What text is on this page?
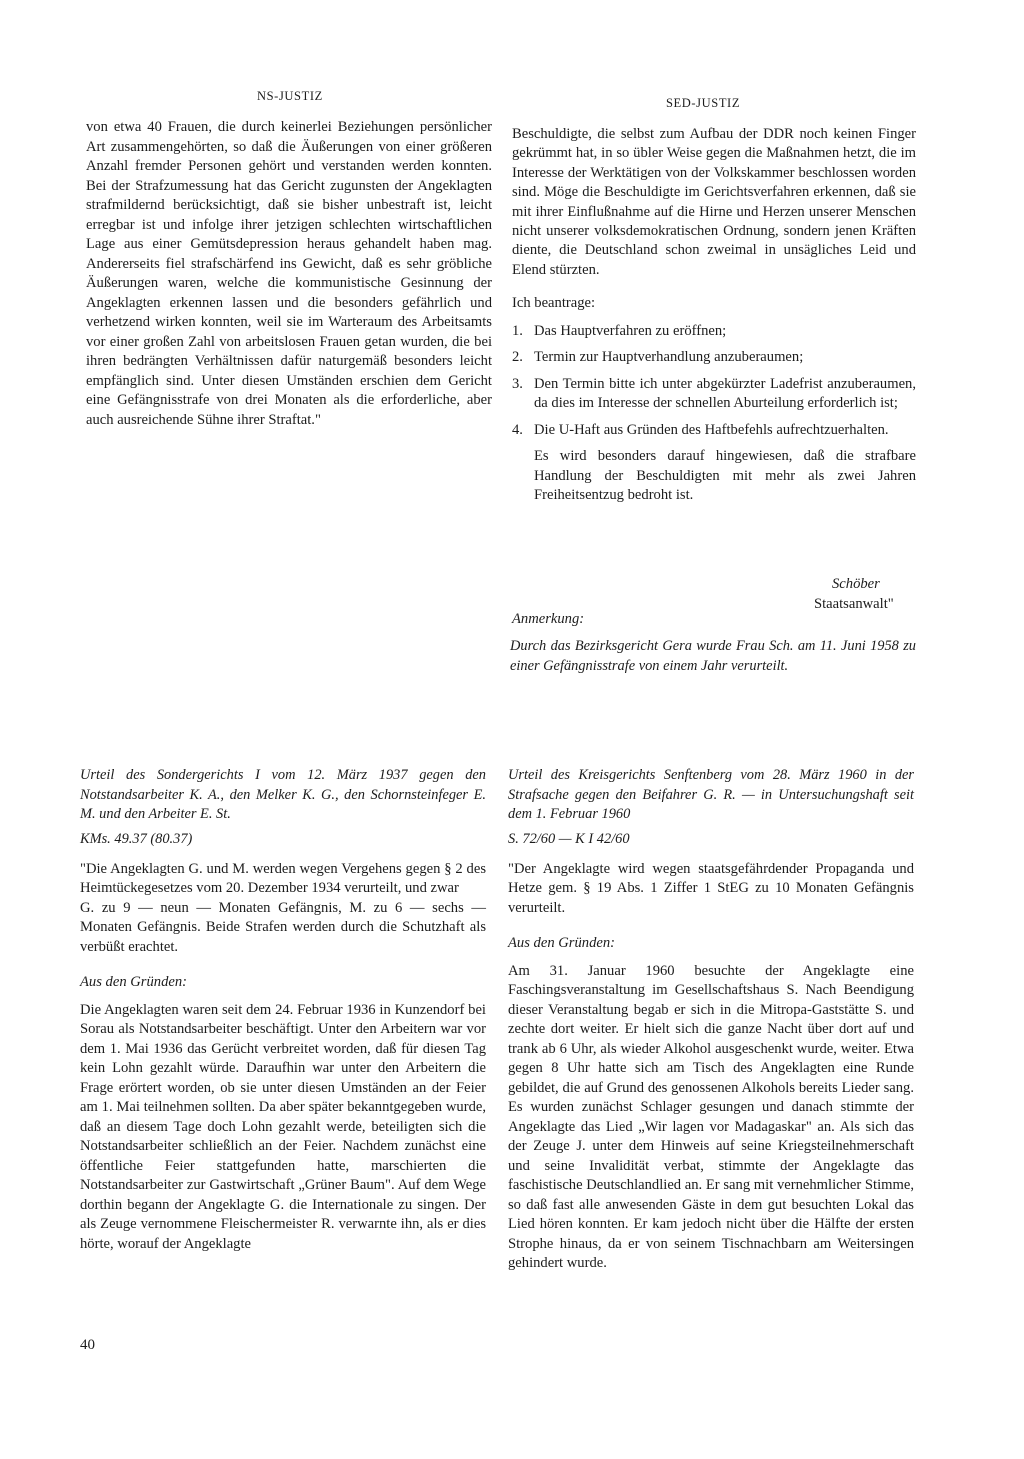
NS-JUSTIZ	SED-JUSTIZ

von etwa 40 Frauen, die durch keinerlei Beziehungen persönlicher Art zusammengehörten, so daß die Äußerungen von einer größeren Anzahl fremder Personen gehört und verstanden werden konnten. Bei der Strafzumessung hat das Gericht zugunsten der Angeklagten strafmildernd berücksichtigt, daß sie bisher unbestraft ist, leicht erregbar ist und infolge ihrer jetzigen schlechten wirtschaftlichen Lage aus einer Gemütsdepression heraus gehandelt haben mag. Andererseits fiel strafschärfend ins Gewicht, daß es sehr gröbliche Äußerungen waren, welche die kommunistische Gesinnung der Angeklagten erkennen lassen und die besonders gefährlich und verhetzend wirken konnten, weil sie im Warteraum des Arbeitsamts vor einer großen Zahl von arbeitslosen Frauen getan wurden, die bei ihren bedrängten Verhältnissen dafür naturgemäß besonders leicht empfänglich sind. Unter diesen Umständen erschien dem Gericht eine Gefängnisstrafe von drei Monaten als die erforderliche, aber auch ausreichende Sühne ihrer Straftat."

Beschuldigte, die selbst zum Aufbau der DDR noch keinen Finger gekrümmt hat, in so übler Weise gegen die Maßnahmen hetzt, die im Interesse der Werktätigen von der Volkskammer beschlossen worden sind. Möge die Beschuldigte im Gerichtsverfahren erkennen, daß sie mit ihrer Einflußnahme auf die Hirne und Herzen unserer Menschen nicht unserer volksdemokratischen Ordnung, sondern jenen Kräften diente, die Deutschland schon zweimal in unsägliches Leid und Elend stürzten.

Ich beantrage:

1. Das Hauptverfahren zu eröffnen;
2. Termin zur Hauptverhandlung anzuberaumen;
3. Den Termin bitte ich unter abgekürzter Ladefrist anzuberaumen, da dies im Interesse der schnellen Aburteilung erforderlich ist;
4. Die U-Haft aus Gründen des Haftbefehls aufrechtzuerhalten.

Es wird besonders darauf hingewiesen, daß die strafbare Handlung der Beschuldigten mit mehr als zwei Jahren Freiheitsentzug bedroht ist.

Schöber
Staatsanwalt"
Anmerkung:

Durch das Bezirksgericht Gera wurde Frau Sch. am 11. Juni 1958 zu einer Gefängnisstrafe von einem Jahr verurteilt.

Urteil des Sondergerichts I vom 12. März 1937 gegen den Notstandsarbeiter K. A., den Melker K. G., den Schornsteinfeger E. M. und den Arbeiter E. St.

KMs. 49.37 (80.37)

"Die Angeklagten G. und M. werden wegen Vergehens gegen § 2 des Heimtückegesetzes vom 20. Dezember 1934 verurteilt, und zwar

G. zu 9 — neun — Monaten Gefängnis, M. zu 6 — sechs — Monaten Gefängnis. Beide Strafen werden durch die Schutzhaft als verbüßt erachtet.

Aus den Gründen:

Die Angeklagten waren seit dem 24. Februar 1936 in Kunzendorf bei Sorau als Notstandsarbeiter beschäftigt. Unter den Arbeitern war vor dem 1. Mai 1936 das Gerücht verbreitet worden, daß für diesen Tag kein Lohn gezahlt würde. Daraufhin war unter den Arbeitern die Frage erörtert worden, ob sie unter diesen Umständen an der Feier am 1. Mai teilnehmen sollten. Da aber später bekanntgegeben wurde, daß an diesem Tage doch Lohn gezahlt werde, beteiligten sich die Notstandsarbeiter schließlich an der Feier. Nachdem zunächst eine öffentliche Feier stattgefunden hatte, marschierten die Notstandsarbeiter zur Gastwirtschaft „Grüner Baum". Auf dem Wege dorthin begann der Angeklagte G. die Internationale zu singen. Der als Zeuge vernommene Fleischermeister R. verwarnte ihn, als er dies hörte, worauf der Angeklagte

Urteil des Kreisgerichts Senftenberg vom 28. März 1960 in der Strafsache gegen den Beifahrer G. R. — in Untersuchungshaft seit dem 1. Februar 1960

S. 72/60 — K I 42/60

"Der Angeklagte wird wegen staatsgefährdender Propaganda und Hetze gem. § 19 Abs. 1 Ziffer 1 StEG zu 10 Monaten Gefängnis verurteilt.

Aus den Gründen:

Am 31. Januar 1960 besuchte der Angeklagte eine Faschingsveranstaltung im Gesellschaftshaus S. Nach Beendigung dieser Veranstaltung begab er sich in die Mitropa-Gaststätte S. und zechte dort weiter. Er hielt sich die ganze Nacht über dort auf und trank ab 6 Uhr, als wieder Alkohol ausgeschenkt wurde, weiter. Etwa gegen 8 Uhr hatte sich am Tisch des Angeklagten eine Runde gebildet, die auf Grund des genossenen Alkohols bereits Lieder sang. Es wurden zunächst Schlager gesungen und danach stimmte der Angeklagte das Lied „Wir lagen vor Madagaskar" an. Als sich das der Zeuge J. unter dem Hinweis auf seine Kriegsteilnehmerschaft und seine Invalidität verbat, stimmte der Angeklagte das faschistische Deutschlandlied an. Er sang mit vernehmlicher Stimme, so daß fast alle anwesenden Gäste in dem gut besuchten Lokal das Lied hören konnten. Er kam jedoch nicht über die Hälfte der ersten Strophe hinaus, da er von seinem Tischnachbarn am Weitersingen gehindert wurde.

40
